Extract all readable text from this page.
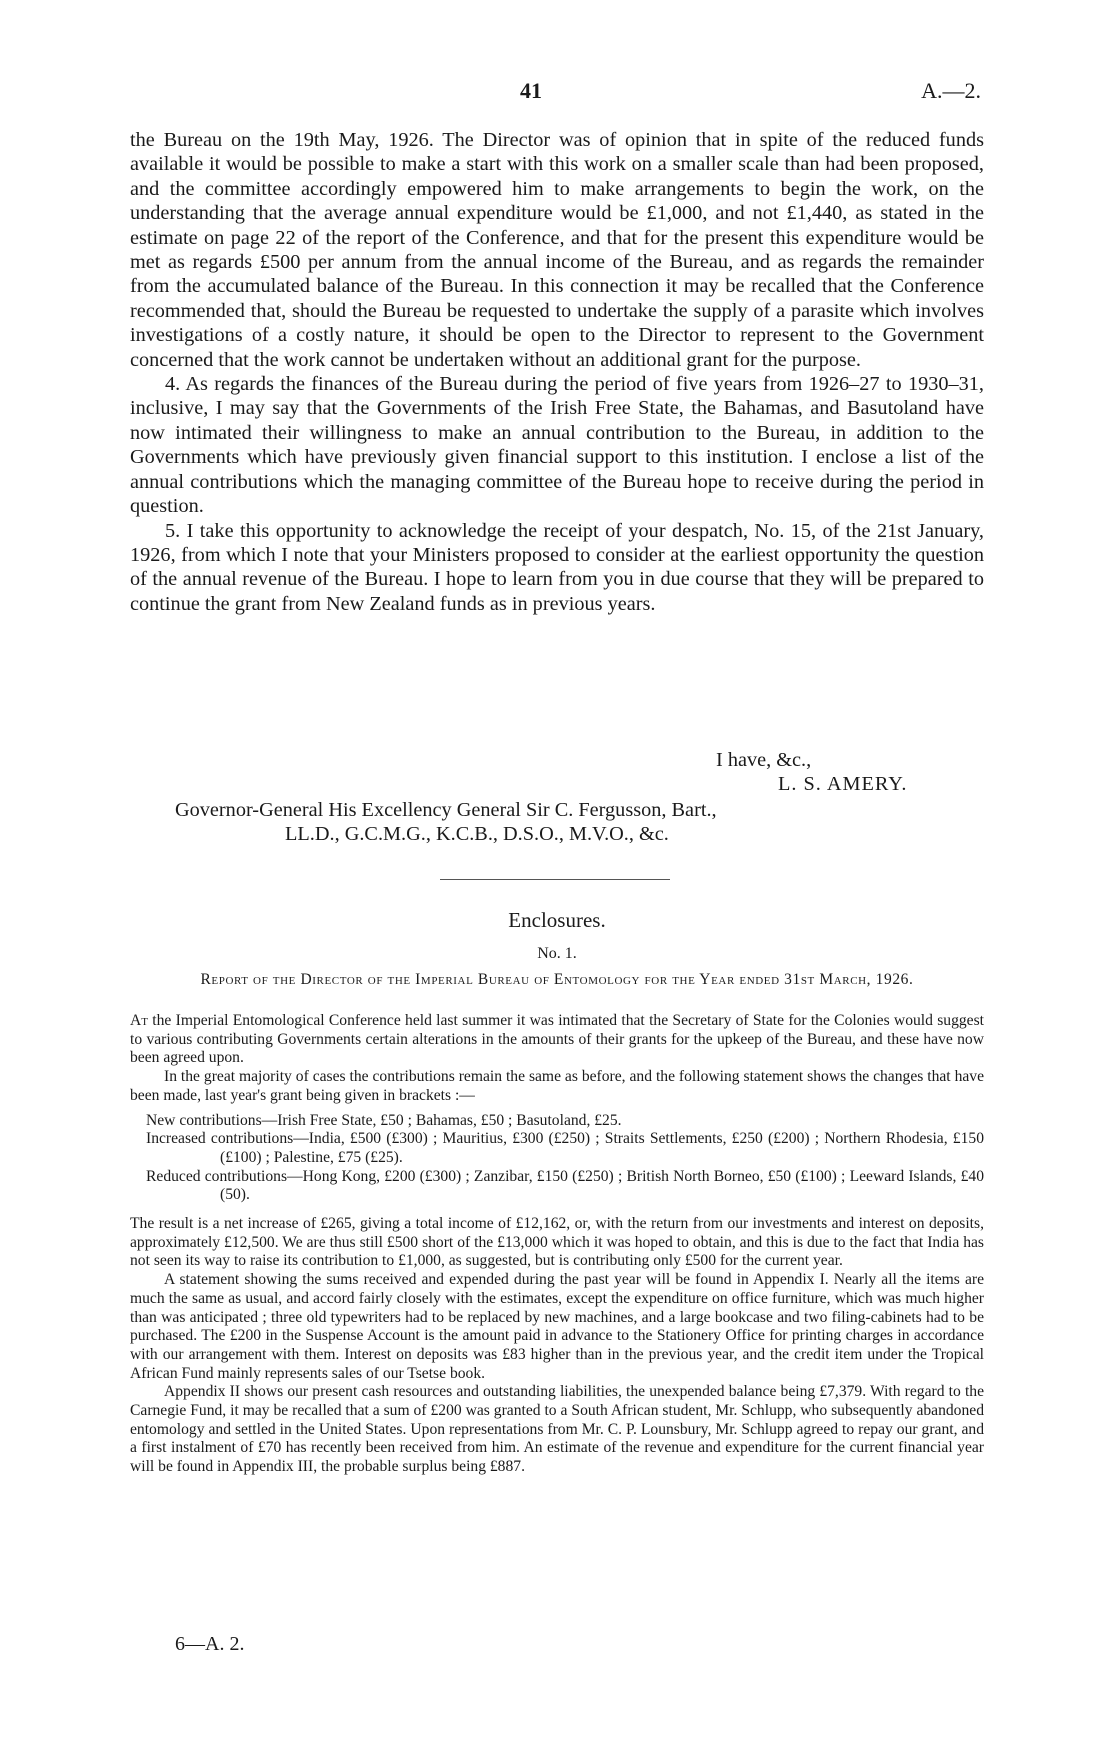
41	A.—2.

the Bureau on the 19th May, 1926. The Director was of opinion that in spite of the reduced funds available it would be possible to make a start with this work on a smaller scale than had been proposed, and the committee accordingly empowered him to make arrangements to begin the work, on the understanding that the average annual expenditure would be £1,000, and not £1,440, as stated in the estimate on page 22 of the report of the Conference, and that for the present this expenditure would be met as regards £500 per annum from the annual income of the Bureau, and as regards the remainder from the accumulated balance of the Bureau. In this connection it may be recalled that the Conference recommended that, should the Bureau be requested to undertake the supply of a parasite which involves investigations of a costly nature, it should be open to the Director to represent to the Government concerned that the work cannot be undertaken without an additional grant for the purpose.

4. As regards the finances of the Bureau during the period of five years from 1926–27 to 1930–31, inclusive, I may say that the Governments of the Irish Free State, the Bahamas, and Basutoland have now intimated their willingness to make an annual contribution to the Bureau, in addition to the Governments which have previously given financial support to this institution. I enclose a list of the annual contributions which the managing committee of the Bureau hope to receive during the period in question.

5. I take this opportunity to acknowledge the receipt of your despatch, No. 15, of the 21st January, 1926, from which I note that your Ministers proposed to consider at the earliest opportunity the question of the annual revenue of the Bureau. I hope to learn from you in due course that they will be prepared to continue the grant from New Zealand funds as in previous years.

I have, &c.,
L. S. AMERY.
Governor-General His Excellency General Sir C. Fergusson, Bart.,
LL.D., G.C.M.G., K.C.B., D.S.O., M.V.O., &c.
Enclosures.
No. 1.
Report of the Director of the Imperial Bureau of Entomology for the Year ended 31st March, 1926.

At the Imperial Entomological Conference held last summer it was intimated that the Secretary of State for the Colonies would suggest to various contributing Governments certain alterations in the amounts of their grants for the upkeep of the Bureau, and these have now been agreed upon.

In the great majority of cases the contributions remain the same as before, and the following statement shows the changes that have been made, last year's grant being given in brackets :—

New contributions—Irish Free State, £50 ; Bahamas, £50 ; Basutoland, £25.
Increased contributions—India, £500 (£300) ; Mauritius, £300 (£250) ; Straits Settlements, £250 (£200) ; Northern Rhodesia, £150 (£100) ; Palestine, £75 (£25).
Reduced contributions—Hong Kong, £200 (£300) ; Zanzibar, £150 (£250) ; British North Borneo, £50 (£100) ; Leeward Islands, £40 (50).

The result is a net increase of £265, giving a total income of £12,162, or, with the return from our investments and interest on deposits, approximately £12,500. We are thus still £500 short of the £13,000 which it was hoped to obtain, and this is due to the fact that India has not seen its way to raise its contribution to £1,000, as suggested, but is contributing only £500 for the current year.

A statement showing the sums received and expended during the past year will be found in Appendix I. Nearly all the items are much the same as usual, and accord fairly closely with the estimates, except the expenditure on office furniture, which was much higher than was anticipated ; three old typewriters had to be replaced by new machines, and a large bookcase and two filing-cabinets had to be purchased. The £200 in the Suspense Account is the amount paid in advance to the Stationery Office for printing charges in accordance with our arrangement with them. Interest on deposits was £83 higher than in the previous year, and the credit item under the Tropical African Fund mainly represents sales of our Tsetse book.

Appendix II shows our present cash resources and outstanding liabilities, the unexpended balance being £7,379. With regard to the Carnegie Fund, it may be recalled that a sum of £200 was granted to a South African student, Mr. Schlupp, who subsequently abandoned entomology and settled in the United States. Upon representations from Mr. C. P. Lounsbury, Mr. Schlupp agreed to repay our grant, and a first instalment of £70 has recently been received from him. An estimate of the revenue and expenditure for the current financial year will be found in Appendix III, the probable surplus being £887.

6—A. 2.
